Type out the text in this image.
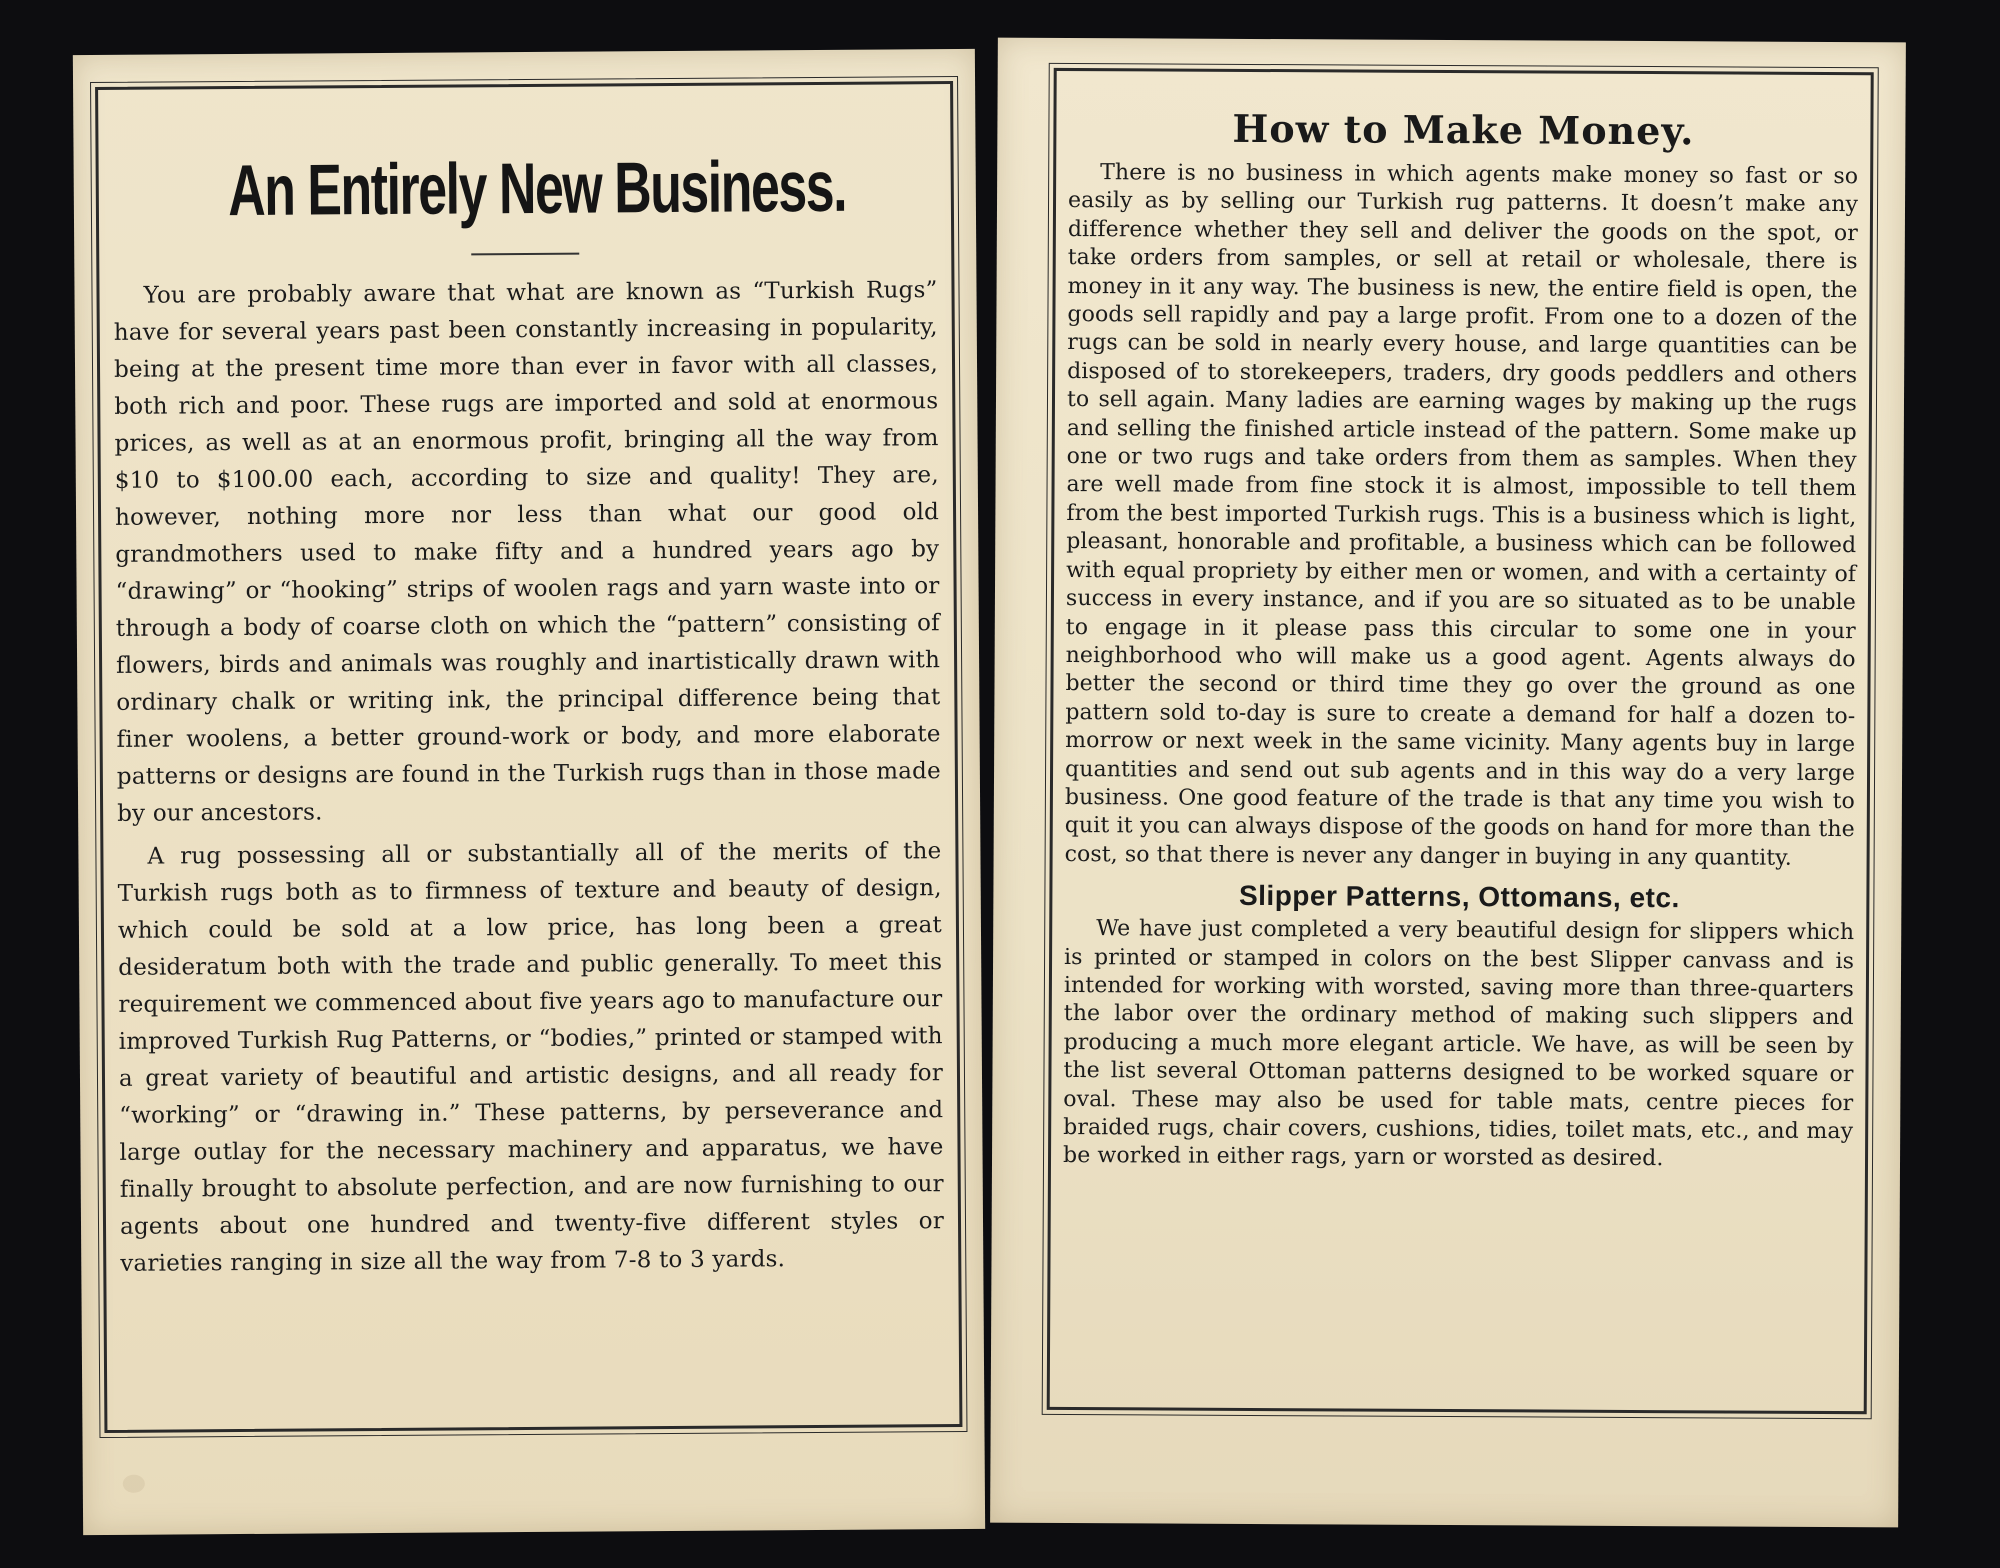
An Entirely New Business.

You are probably aware that what are known as “Turkish Rugs” have for several years past been constantly increasing in popularity, being at the present time more than ever in favor with all classes, both rich and poor. These rugs are imported and sold at enormous prices, as well as at an enormous profit, bringing all the way from $10 to $100.00 each, according to size and quality! They are, however, nothing more nor less than what our good old grandmothers used to make fifty and a hundred years ago by “drawing” or “hooking” strips of woolen rags and yarn waste into or through a body of coarse cloth on which the “pattern” consisting of flowers, birds and animals was roughly and inartistically drawn with ordinary chalk or writing ink, the principal difference being that finer woolens, a better ground-work or body, and more elaborate patterns or designs are found in the Turkish rugs than in those made by our ancestors.

A rug possessing all or substantially all of the merits of the Turkish rugs both as to firmness of texture and beauty of design, which could be sold at a low price, has long been a great desideratum both with the trade and public generally. To meet this requirement we commenced about five years ago to manufacture our improved Turkish Rug Patterns, or “bodies,” printed or stamped with a great variety of beautiful and artistic designs, and all ready for “working” or “drawing in.” These patterns, by perseverance and large outlay for the necessary machinery and apparatus, we have finally brought to absolute perfection, and are now furnishing to our agents about one hundred and twenty-five different styles or varieties ranging in size all the way from 7-8 to 3 yards.

How to Make Money.

There is no business in which agents make money so fast or so easily as by selling our Turkish rug patterns. It doesn’t make any difference whether they sell and deliver the goods on the spot, or take orders from samples, or sell at retail or wholesale, there is money in it any way. The business is new, the entire field is open, the goods sell rapidly and pay a large profit. From one to a dozen of the rugs can be sold in nearly every house, and large quantities can be disposed of to storekeepers, traders, dry goods peddlers and others to sell again. Many ladies are earning wages by making up the rugs and selling the finished article instead of the pattern. Some make up one or two rugs and take orders from them as samples. When they are well made from fine stock it is almost, impossible to tell them from the best imported Turkish rugs. This is a business which is light, pleasant, honorable and profitable, a business which can be followed with equal propriety by either men or women, and with a certainty of success in every instance, and if you are so situated as to be unable to engage in it please pass this circular to some one in your neighborhood who will make us a good agent. Agents always do better the second or third time they go over the ground as one pattern sold to-day is sure to create a demand for half a dozen to-morrow or next week in the same vicinity. Many agents buy in large quantities and send out sub agents and in this way do a very large business. One good feature of the trade is that any time you wish to quit it you can always dispose of the goods on hand for more than the cost, so that there is never any danger in buying in any quantity.

Slipper Patterns, Ottomans, etc.

We have just completed a very beautiful design for slippers which is printed or stamped in colors on the best Slipper canvass and is intended for working with worsted, saving more than three-quarters the labor over the ordinary method of making such slippers and producing a much more elegant article. We have, as will be seen by the list several Ottoman patterns designed to be worked square or oval. These may also be used for table mats, centre pieces for braided rugs, chair covers, cushions, tidies, toilet mats, etc., and may be worked in either rags, yarn or worsted as desired.
